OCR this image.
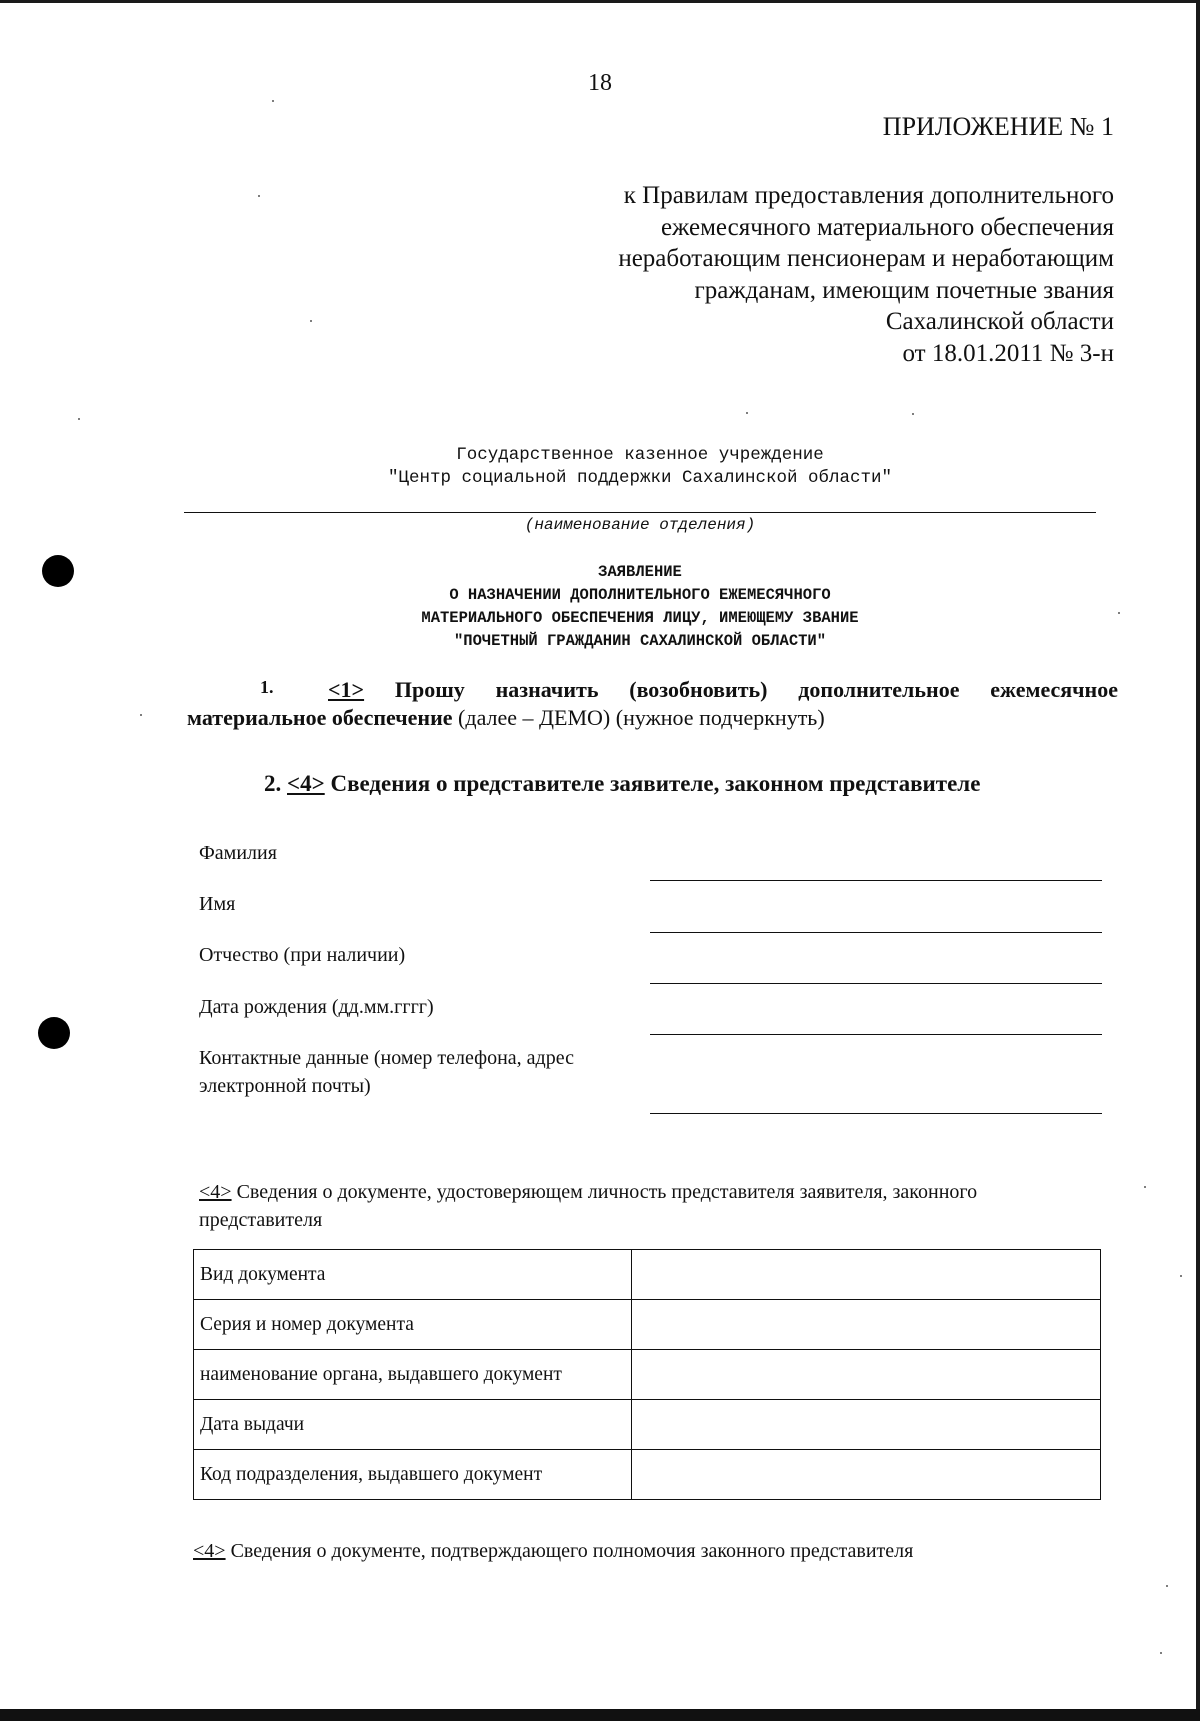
18
ПРИЛОЖЕНИЕ № 1
к Правилам предоставления дополнительного
ежемесячного материального обеспечения
неработающим пенсионерам и неработающим
гражданам, имеющим почетные звания
Сахалинской области
от 18.01.2011 № 3-н
Государственное казенное учреждение
"Центр социальной поддержки Сахалинской области"
(наименование отделения)
ЗАЯВЛЕНИЕ
О НАЗНАЧЕНИИ ДОПОЛНИТЕЛЬНОГО ЕЖЕМЕСЯЧНОГО
МАТЕРИАЛЬНОГО ОБЕСПЕЧЕНИЯ ЛИЦУ, ИМЕЮЩЕМУ ЗВАНИЕ
"ПОЧЕТНЫЙ ГРАЖДАНИН САХАЛИНСКОЙ ОБЛАСТИ"
1. <1> Прошу назначить (возобновить) дополнительное ежемесячное
материальное обеспечение (далее – ДЕМО) (нужное подчеркнуть)
2. <4> Сведения о представителе заявителе, законном представителе
Фамилия
Имя
Отчество (при наличии)
Дата рождения (дд.мм.гггг)
Контактные данные (номер телефона, адрес электронной почты)
<4> Сведения о документе, удостоверяющем личность представителя заявителя, законного представителя
Вид документа	
Серия и номер документа	
наименование органа, выдавшего документ	
Дата выдачи	
Код подразделения, выдавшего документ	
<4> Сведения о документе, подтверждающего полномочия законного представителя
